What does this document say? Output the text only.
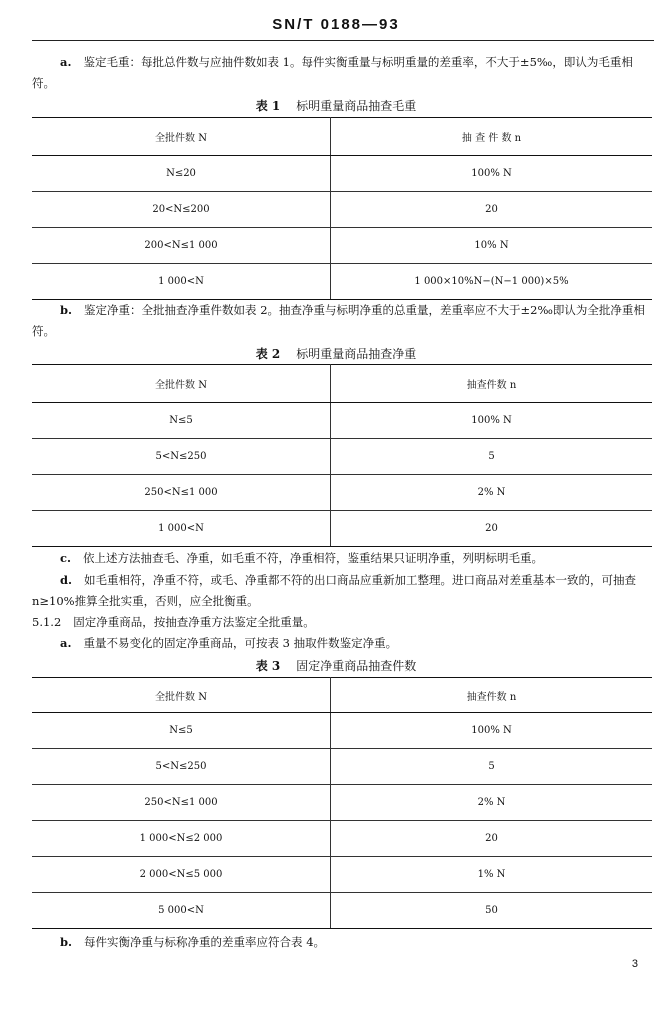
SN/T 0188—93
a. 鉴定毛重：每批总件数与应抽件数如表 1。每件实衡重量与标明重量的差重率，不大于±5‰，即认为毛重相符。
表 1 标明重量商品抽查毛重
全批件数 N	抽 查 件 数 n
N≤20	100% N
20<N≤200	20
200<N≤1 000	10% N
1 000<N	1 000×10%N−(N−1 000)×5%
b. 鉴定净重：全批抽查净重件数如表 2。抽查净重与标明净重的总重量，差重率应不大于±2‰即认为全批净重相符。
表 2 标明重量商品抽查净重
全批件数 N	抽查件数 n
N≤5	100% N
5<N≤250	5
250<N≤1 000	2% N
1 000<N	20
c. 依上述方法抽查毛、净重，如毛重不符，净重相符，鉴重结果只证明净重，列明标明毛重。
d. 如毛重相符，净重不符，或毛、净重都不符的出口商品应重新加工整理。进口商品对差重基本一致的，可抽查 n≥10%推算全批实重，否则，应全批衡重。
5.1.2 固定净重商品，按抽查净重方法鉴定全批重量。
a. 重量不易变化的固定净重商品，可按表 3 抽取件数鉴定净重。
表 3 固定净重商品抽查件数
全批件数 N	抽查件数 n
N≤5	100% N
5<N≤250	5
250<N≤1 000	2% N
1 000<N≤2 000	20
2 000<N≤5 000	1% N
5 000<N	50
b. 每件实衡净重与标称净重的差重率应符合表 4。
3
